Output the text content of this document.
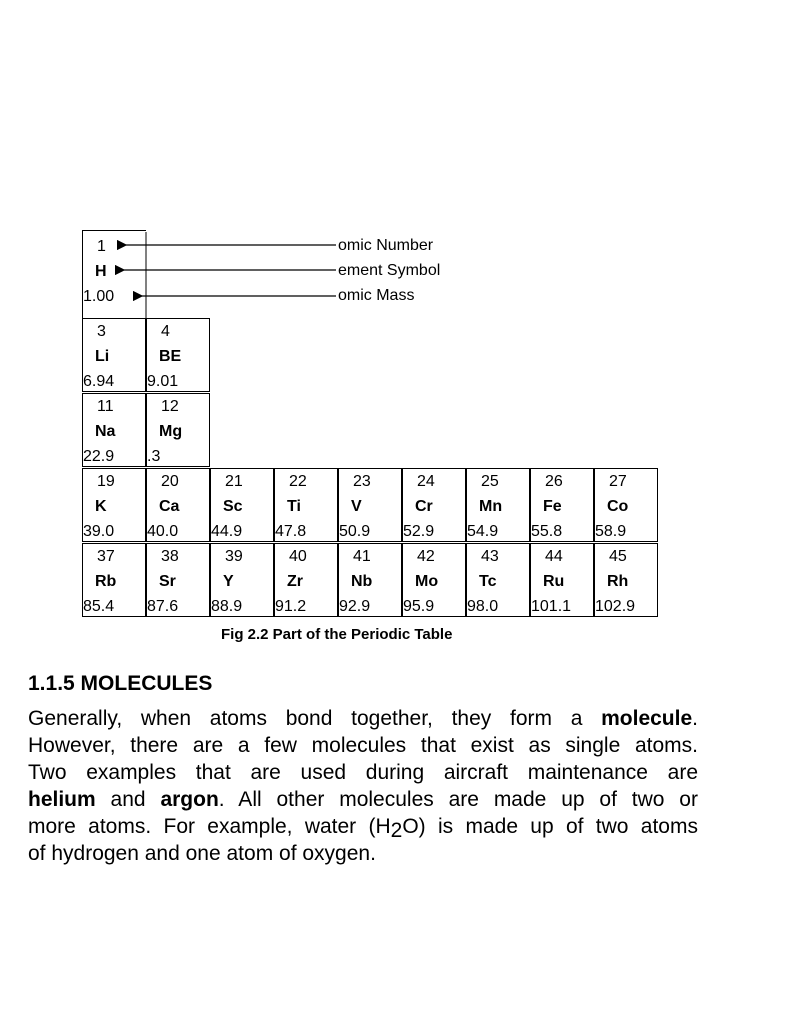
omic Number
ement Symbol
omic Mass
1
H
1.00
3
Li
6.94
4
BE
9.01
11
Na
22.9
12
Mg
.3
19
K
39.0
20
Ca
40.0
21
Sc
44.9
22
Ti
47.8
23
V
50.9
24
Cr
52.9
25
Mn
54.9
26
Fe
55.8
27
Co
58.9
37
Rb
85.4
38
Sr
87.6
39
Y
88.9
40
Zr
91.2
41
Nb
92.9
42
Mo
95.9
43
Tc
98.0
44
Ru
101.1
45
Rh
102.9
Fig 2.2 Part of the Periodic Table
1.1.5 MOLECULES
Generally, when atoms bond together, they form a molecule.
However, there are a few molecules that exist as single atoms.
Two examples that are used during aircraft maintenance are
helium and argon. All other molecules are made up of two or
more atoms. For example, water (H2O) is made up of two atoms
of hydrogen and one atom of oxygen.
